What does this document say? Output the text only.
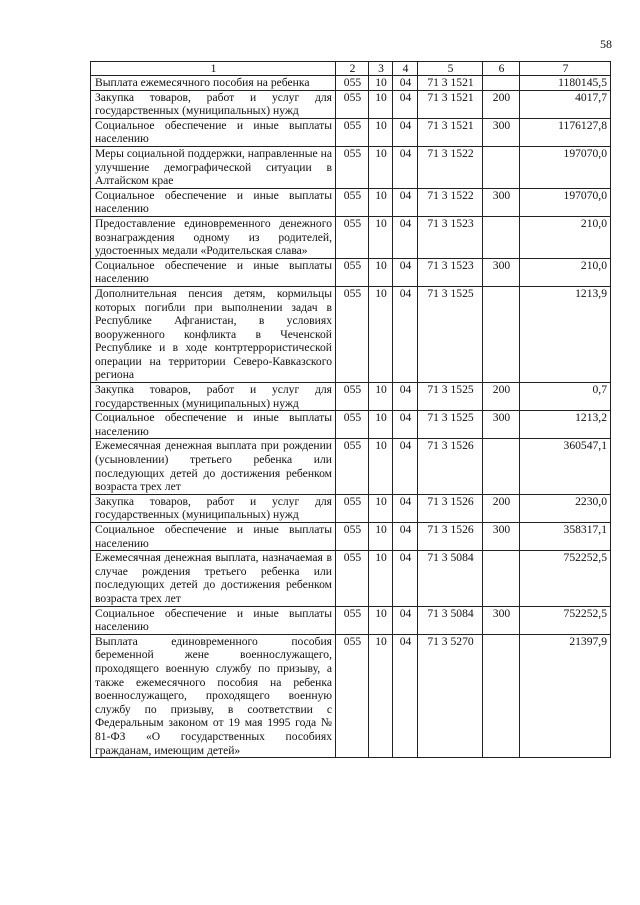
58
1	2	3	4	5	6	7
Выплата ежемесячного пособия на ребенка	055	10	04	71 3 1521		1180145,5
Закупка товаров, работ и услуг для государственных (муниципальных) нужд	055	10	04	71 3 1521	200	4017,7
Социальное обеспечение и иные выплаты населению	055	10	04	71 3 1521	300	1176127,8
Меры социальной поддержки, направленные на улучшение демографической ситуации в Алтайском крае	055	10	04	71 3 1522		197070,0
Социальное обеспечение и иные выплаты населению	055	10	04	71 3 1522	300	197070,0
Предоставление единовременного денежного вознаграждения одному из родителей, удостоенных медали «Родительская слава»	055	10	04	71 3 1523		210,0
Социальное обеспечение и иные выплаты населению	055	10	04	71 3 1523	300	210,0
Дополнительная пенсия детям, кормильцы которых погибли при выполнении задач в Республике Афганистан, в условиях вооруженного конфликта в Чеченской Республике и в ходе контртеррористической операции на территории Северо-Кавказского региона	055	10	04	71 3 1525		1213,9
Закупка товаров, работ и услуг для государственных (муниципальных) нужд	055	10	04	71 3 1525	200	0,7
Социальное обеспечение и иные выплаты населению	055	10	04	71 3 1525	300	1213,2
Ежемесячная денежная выплата при рождении (усыновлении) третьего ребенка или последующих детей до достижения ребенком возраста трех лет	055	10	04	71 3 1526		360547,1
Закупка товаров, работ и услуг для государственных (муниципальных) нужд	055	10	04	71 3 1526	200	2230,0
Социальное обеспечение и иные выплаты населению	055	10	04	71 3 1526	300	358317,1
Ежемесячная денежная выплата, назначаемая в случае рождения третьего ребенка или последующих детей до достижения ребенком возраста трех лет	055	10	04	71 3 5084		752252,5
Социальное обеспечение и иные выплаты населению	055	10	04	71 3 5084	300	752252,5
Выплата единовременного пособия беременной жене военнослужащего, проходящего военную службу по призыву, а также ежемесячного пособия на ребенка военнослужащего, проходящего военную службу по призыву, в соответствии с Федеральным законом от 19 мая 1995 года № 81-ФЗ «О государственных пособиях гражданам, имеющим детей»	055	10	04	71 3 5270		21397,9
